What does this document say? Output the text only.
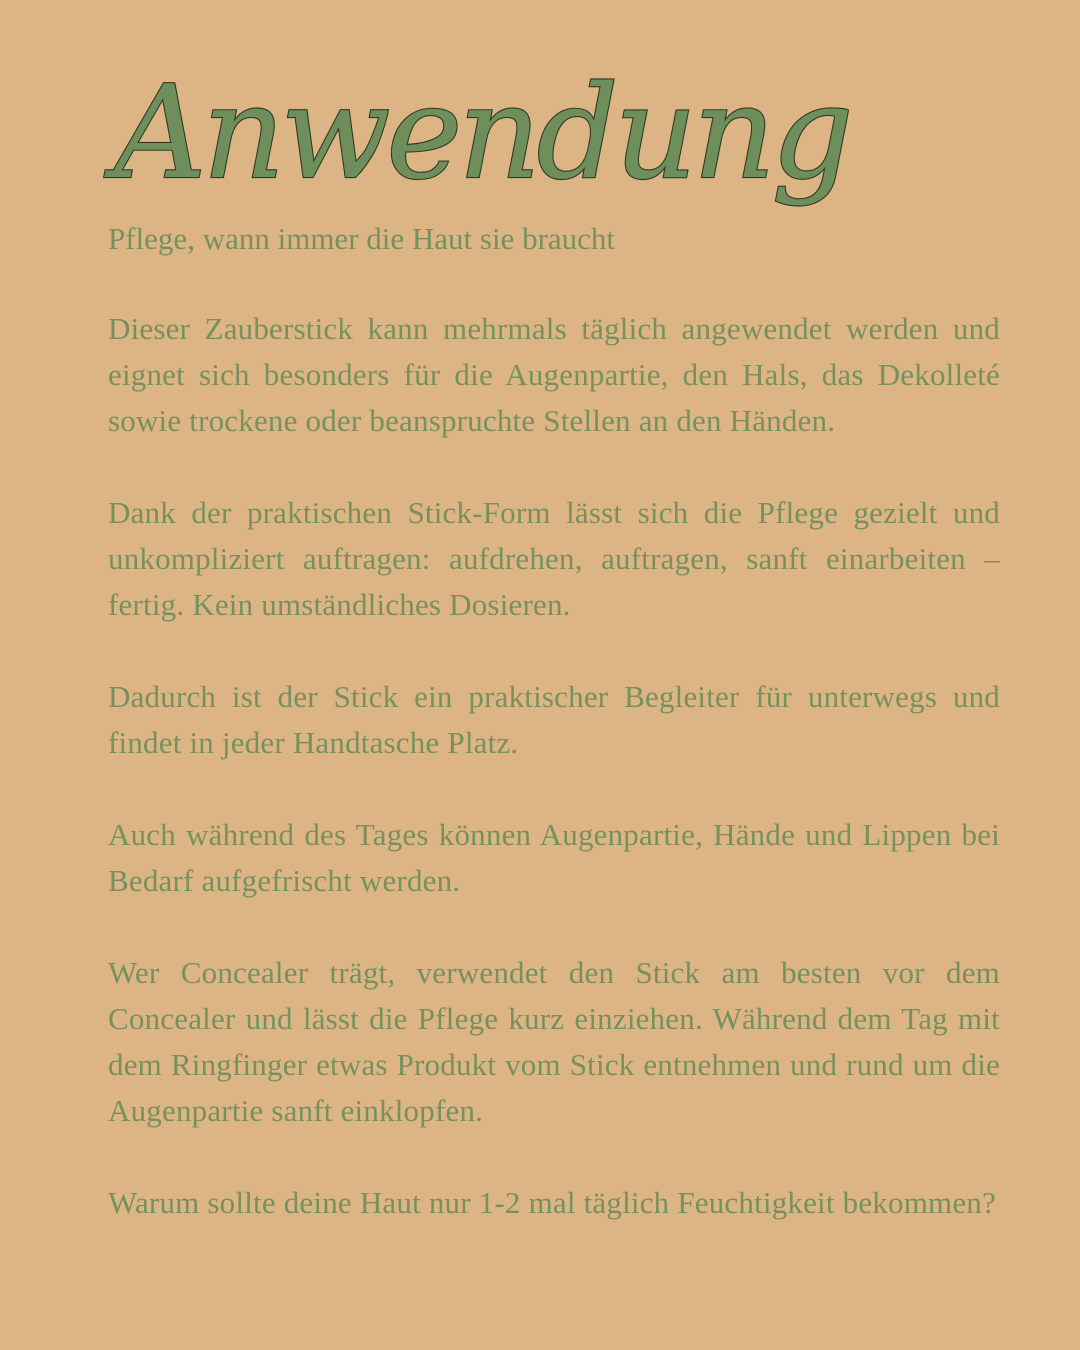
Anwendung

Pflege, wann immer die Haut sie braucht

Dieser Zauberstick kann mehrmals täglich angewendet werden und eignet sich besonders für die Augenpartie, den Hals, das Dekolleté sowie trockene oder beanspruchte Stellen an den Händen.

Dank der praktischen Stick-Form lässt sich die Pflege gezielt und unkompliziert auftragen: aufdrehen, auftragen, sanft einarbeiten – fertig. Kein umständliches Dosieren.

Dadurch ist der Stick ein praktischer Begleiter für unterwegs und findet in jeder Handtasche Platz.

Auch während des Tages können Augenpartie, Hände und Lippen bei Bedarf aufgefrischt werden.

Wer Concealer trägt, verwendet den Stick am besten vor dem Concealer und lässt die Pflege kurz einziehen. Während dem Tag mit dem Ringfinger etwas Produkt vom Stick entnehmen und rund um die Augenpartie sanft einklopfen.

Warum sollte deine Haut nur 1-2 mal täglich Feuchtigkeit bekommen?
